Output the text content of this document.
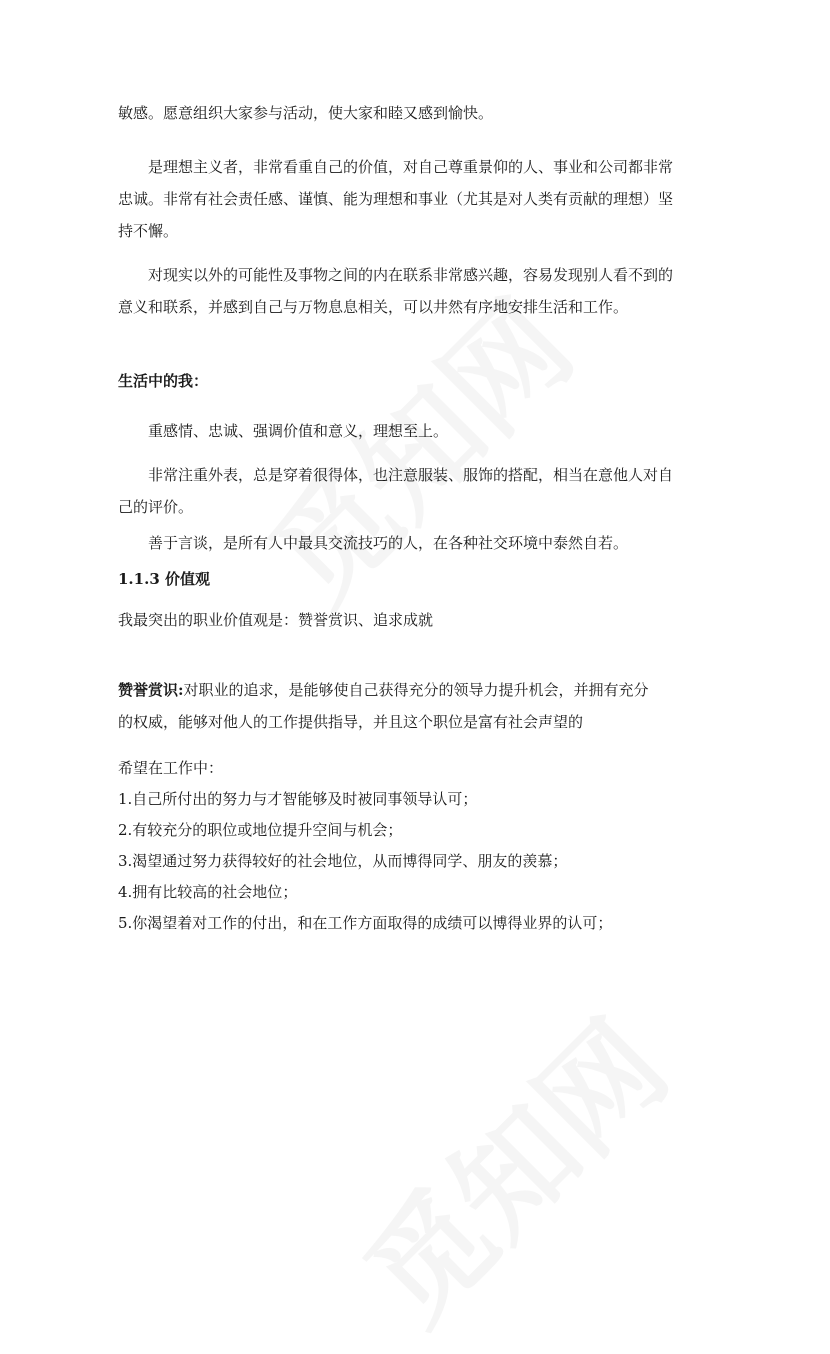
敏感。愿意组织大家参与活动，使大家和睦又感到愉快。
是理想主义者，非常看重自己的价值，对自己尊重景仰的人、事业和公司都非常
忠诚。非常有社会责任感、谨慎、能为理想和事业（尤其是对人类有贡献的理想）坚
持不懈。
对现实以外的可能性及事物之间的内在联系非常感兴趣，容易发现别人看不到的
意义和联系，并感到自己与万物息息相关，可以井然有序地安排生活和工作。
生活中的我：
重感情、忠诚、强调价值和意义，理想至上。
非常注重外表，总是穿着很得体，也注意服装、服饰的搭配，相当在意他人对自
己的评价。
善于言谈，是所有人中最具交流技巧的人，在各种社交环境中泰然自若。
1.1.3 价值观
我最突出的职业价值观是：赞誉赏识、追求成就
赞誉赏识:对职业的追求，是能够使自己获得充分的领导力提升机会，并拥有充分
的权威，能够对他人的工作提供指导，并且这个职位是富有社会声望的
希望在工作中：
1.自己所付出的努力与才智能够及时被同事领导认可；
2.有较充分的职位或地位提升空间与机会；
3.渴望通过努力获得较好的社会地位，从而博得同学、朋友的羡慕；
4.拥有比较高的社会地位；
5.你渴望着对工作的付出，和在工作方面取得的成绩可以博得业界的认可；
